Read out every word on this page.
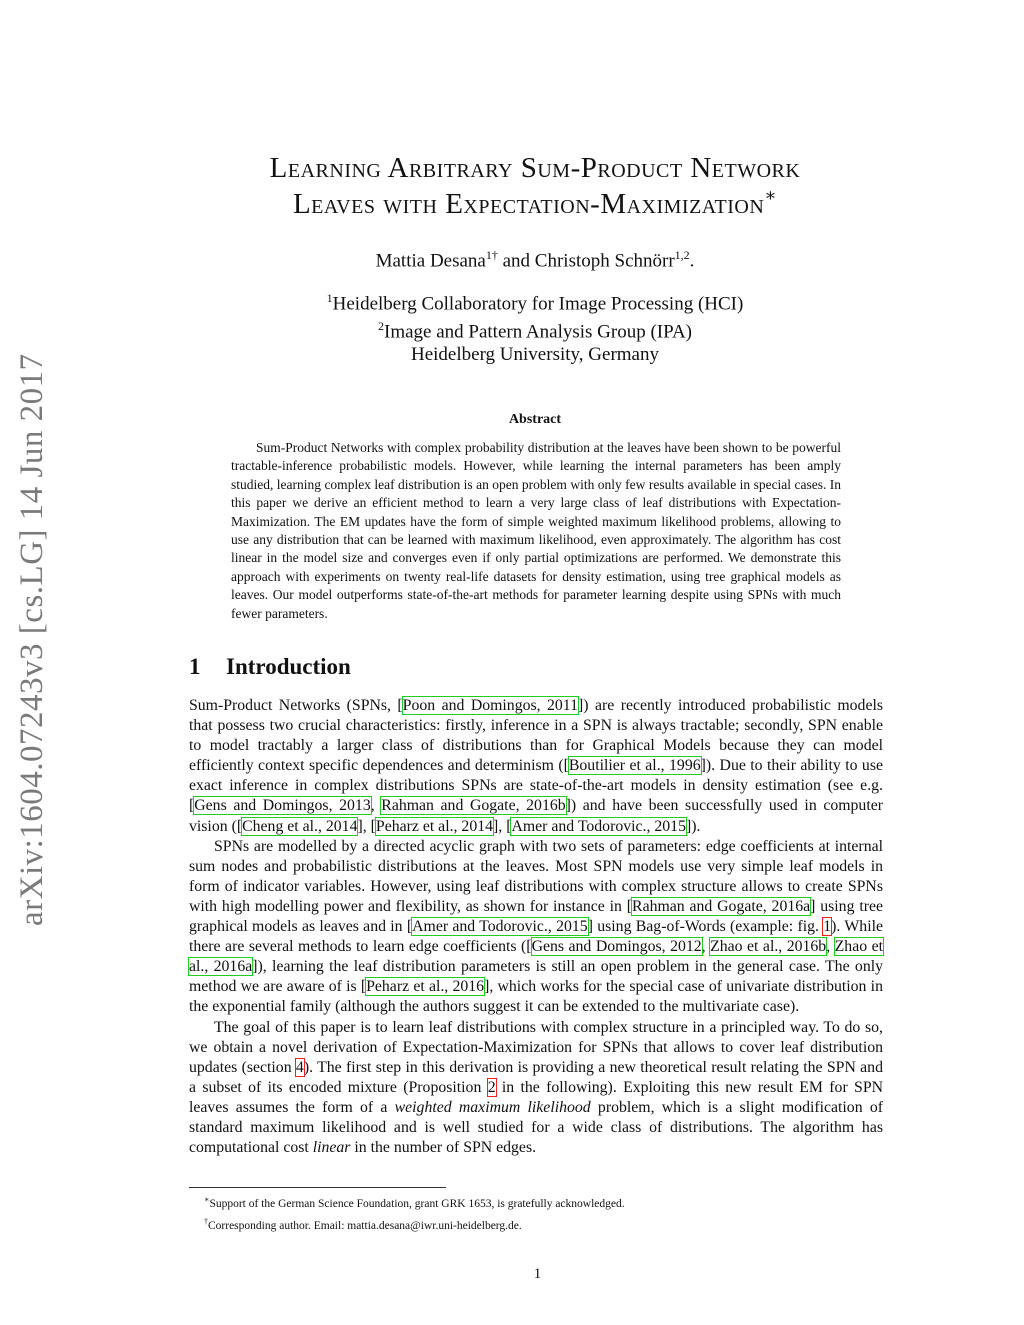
arXiv:1604.07243v3 [cs.LG] 14 Jun 2017
Learning Arbitrary Sum-Product Network
Leaves with Expectation-Maximization∗
Mattia Desana$^{1\dagger}$ and Christoph Schnörr$^{1,2}$.
$^1$Heidelberg Collaboratory for Image Processing (HCI)
$^2$Image and Pattern Analysis Group (IPA)
Heidelberg University, Germany
Abstract
Sum-Product Networks with complex probability distribution at the leaves have been shown to be powerful tractable-inference probabilistic models. However, while learning the internal parameters has been amply studied, learning complex leaf distribution is an open problem with only few results available in special cases. In this paper we derive an efficient method to learn a very large class of leaf distributions with Expectation-Maximization. The EM updates have the form of simple weighted maximum likelihood problems, allowing to use any distribution that can be learned with maximum likelihood, even approximately. The algorithm has cost linear in the model size and converges even if only partial optimizations are performed. We demonstrate this approach with experiments on twenty real-life datasets for density estimation, using tree graphical models as leaves. Our model outperforms state-of-the-art methods for parameter learning despite using SPNs with much fewer parameters.
1 Introduction

Sum-Product Networks (SPNs, [Poon and Domingos, 2011]) are recently introduced probabilistic models that possess two crucial characteristics: firstly, inference in a SPN is always tractable; secondly, SPN enable to model tractably a larger class of distributions than for Graphical Models because they can model efficiently context specific dependences and determinism ([Boutilier et al., 1996]). Due to their ability to use exact inference in complex distributions SPNs are state-of-the-art models in density estimation (see e.g. [Gens and Domingos, 2013, Rahman and Gogate, 2016b]) and have been successfully used in computer vision ([Cheng et al., 2014], [Peharz et al., 2014], [Amer and Todorovic., 2015]).

SPNs are modelled by a directed acyclic graph with two sets of parameters: edge coefficients at internal sum nodes and probabilistic distributions at the leaves. Most SPN models use very simple leaf models in form of indicator variables. However, using leaf distributions with complex structure allows to create SPNs with high modelling power and flexibility, as shown for instance in [Rahman and Gogate, 2016a] using tree graphical models as leaves and in [Amer and Todorovic., 2015] using Bag-of-Words (example: fig. 1). While there are several methods to learn edge coefficients ([Gens and Domingos, 2012, Zhao et al., 2016b, Zhao et al., 2016a]), learning the leaf distribution parameters is still an open problem in the general case. The only method we are aware of is [Peharz et al., 2016], which works for the special case of univariate distribution in the exponential family (although the authors suggest it can be extended to the multivariate case).

The goal of this paper is to learn leaf distributions with complex structure in a principled way. To do so, we obtain a novel derivation of Expectation-Maximization for SPNs that allows to cover leaf distribution updates (section 4). The first step in this derivation is providing a new theoretical result relating the SPN and a subset of its encoded mixture (Proposition 2 in the following). Exploiting this new result EM for SPN leaves assumes the form of a weighted maximum likelihood problem, which is a slight modification of standard maximum likelihood and is well studied for a wide class of distributions. The algorithm has computational cost linear in the number of SPN edges.

∗Support of the German Science Foundation, grant GRK 1653, is gratefully acknowledged.
†Corresponding author. Email: mattia.desana@iwr.uni-heidelberg.de.
1
